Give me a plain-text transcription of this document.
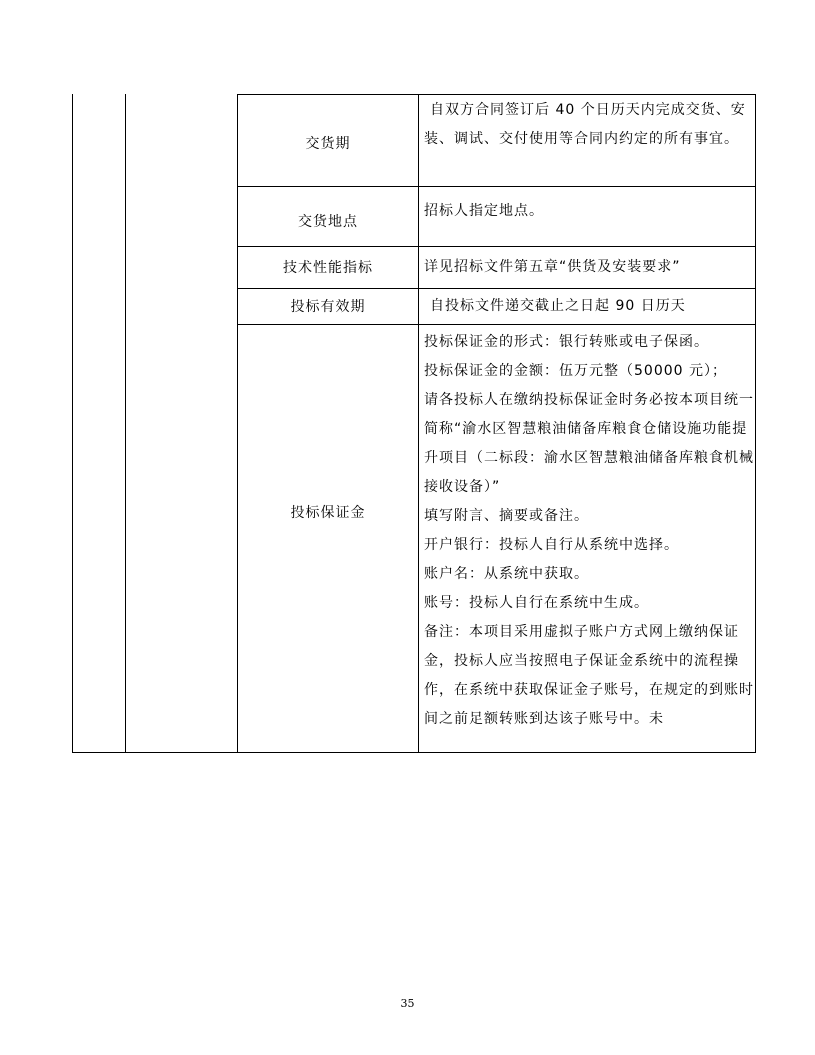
交货期

自双方合同签订后 40 个日历天内完成交货、安装、调试、交付使用等合同内约定的所有事宜。

交货地点

招标人指定地点。

技术性能指标	详见招标文件第五章“供货及安装要求”

投标有效期	自投标文件递交截止之日起 90 日历天

投标保证金

投标保证金的形式：银行转账或电子保函。

投标保证金的金额：伍万元整（50000 元）；

请各投标人在缴纳投标保证金时务必按本项目统一简称“渝水区智慧粮油储备库粮食仓储设施功能提升项目（二标段：渝水区智慧粮油储备库粮食机械接收设备）”

填写附言、摘要或备注。

开户银行：投标人自行从系统中选择。

账户名：从系统中获取。

账号：投标人自行在系统中生成。

备注：本项目采用虚拟子账户方式网上缴纳保证金，投标人应当按照电子保证金系统中的流程操作，在系统中获取保证金子账号，在规定的到账时间之前足额转账到达该子账号中。未

35
